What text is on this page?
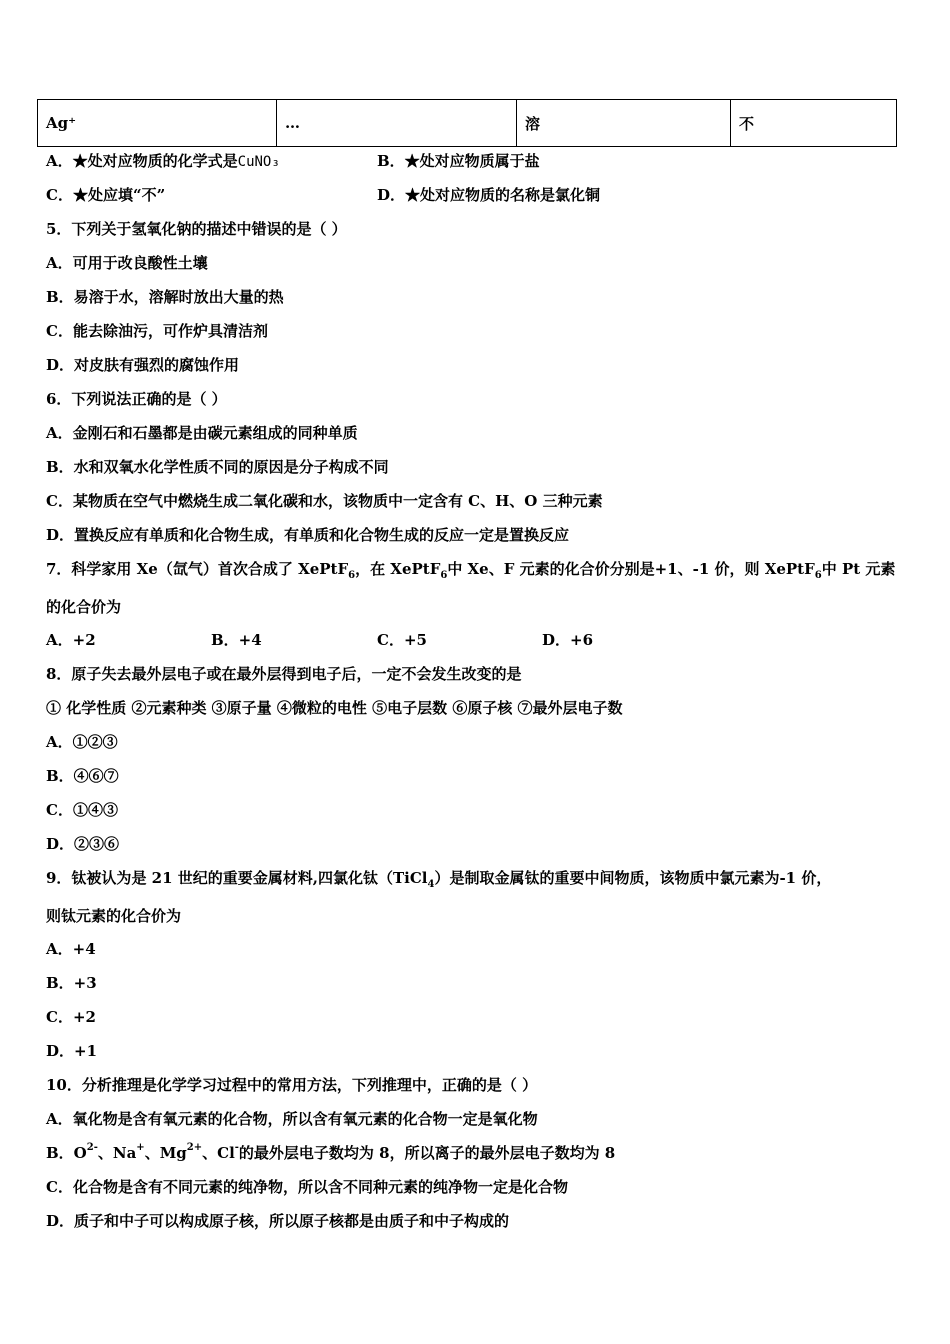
Ag⁺	…	溶	不
A．★处对应物质的化学式是CuNO₃	B．★处对应物质属于盐
C．★处应填“不”	D．★处对应物质的名称是氯化铜
5．下列关于氢氧化钠的描述中错误的是（ ）
A．可用于改良酸性土壤
B．易溶于水，溶解时放出大量的热
C．能去除油污，可作炉具清洁剂
D．对皮肤有强烈的腐蚀作用
6．下列说法正确的是（ ）
A．金刚石和石墨都是由碳元素组成的同种单质
B．水和双氧水化学性质不同的原因是分子构成不同
C．某物质在空气中燃烧生成二氧化碳和水，该物质中一定含有 C、H、O 三种元素
D．置换反应有单质和化合物生成，有单质和化合物生成的反应一定是置换反应
7．科学家用 Xe（氙气）首次合成了 XePtF$_6$，在 XePtF$_6$中 Xe、F 元素的化合价分别是+1、-1 价，则 XePtF$_6$中 Pt 元素
的化合价为
A．+2	B．+4	C．+5	D．+6
8．原子失去最外层电子或在最外层得到电子后，一定不会发生改变的是
① 化学性质 ②元素种类 ③原子量 ④微粒的电性 ⑤电子层数 ⑥原子核 ⑦最外层电子数
A．①②③
B．④⑥⑦
C．①④③
D．②③⑥
9．钛被认为是 21 世纪的重要金属材料,四氯化钛（TiCl$_4$）是制取金属钛的重要中间物质，该物质中氯元素为-1 价，
则钛元素的化合价为
A．+4
B．+3
C．+2
D．+1
10．分析推理是化学学习过程中的常用方法，下列推理中，正确的是（ ）
A．氧化物是含有氧元素的化合物，所以含有氧元素的化合物一定是氧化物
B．$O^{2-}$、Na+、$Mg^{2+}$、Cl-的最外层电子数均为 8，所以离子的最外层电子数均为 8
C．化合物是含有不同元素的纯净物，所以含不同种元素的纯净物一定是化合物
D．质子和中子可以构成原子核，所以原子核都是由质子和中子构成的
